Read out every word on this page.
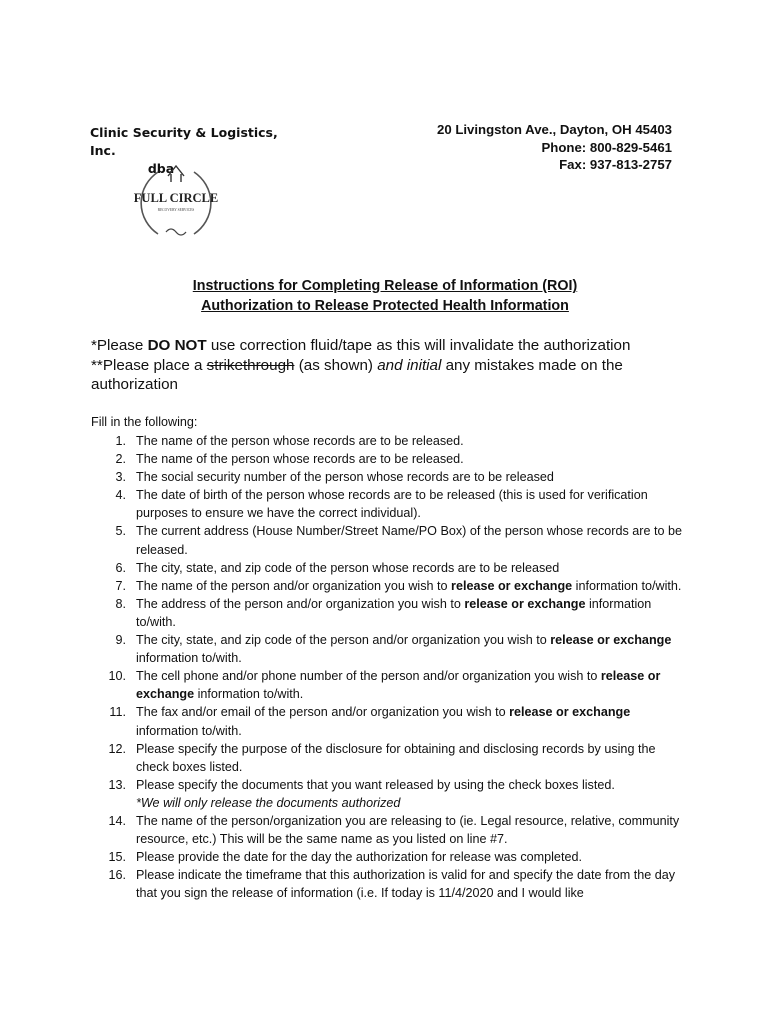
Clinic Security & Logistics, Inc.

dba
FULL CIRCLE
RECOVERY SERVICES
20 Livingston Ave., Dayton, OH 45403
Phone: 800-829-5461
Fax: 937-813-2757
Instructions for Completing Release of Information (ROI)
Authorization to Release Protected Health Information
*Please DO NOT use correction fluid/tape as this will invalidate the authorization
**Please place a strikethrough (as shown) and initial any mistakes made on the authorization
Fill in the following:
1. The name of the person whose records are to be released.
2. The name of the person whose records are to be released.
3. The social security number of the person whose records are to be released
4. The date of birth of the person whose records are to be released (this is used for verification purposes to ensure we have the correct individual).
5. The current address (House Number/Street Name/PO Box) of the person whose records are to be released.
6. The city, state, and zip code of the person whose records are to be released
7. The name of the person and/or organization you wish to release or exchange information to/with.
8. The address of the person and/or organization you wish to release or exchange information to/with.
9. The city, state, and zip code of the person and/or organization you wish to release or exchange information to/with.
10. The cell phone and/or phone number of the person and/or organization you wish to release or exchange information to/with.
11. The fax and/or email of the person and/or organization you wish to release or exchange information to/with.
12. Please specify the purpose of the disclosure for obtaining and disclosing records by using the check boxes listed.
13. Please specify the documents that you want released by using the check boxes listed.
*We will only release the documents authorized
14. The name of the person/organization you are releasing to (ie. Legal resource, relative, community resource, etc.) This will be the same name as you listed on line #7.
15. Please provide the date for the day the authorization for release was completed.
16. Please indicate the timeframe that this authorization is valid for and specify the date from the day that you sign the release of information (i.e. If today is 11/4/2020 and I would like
